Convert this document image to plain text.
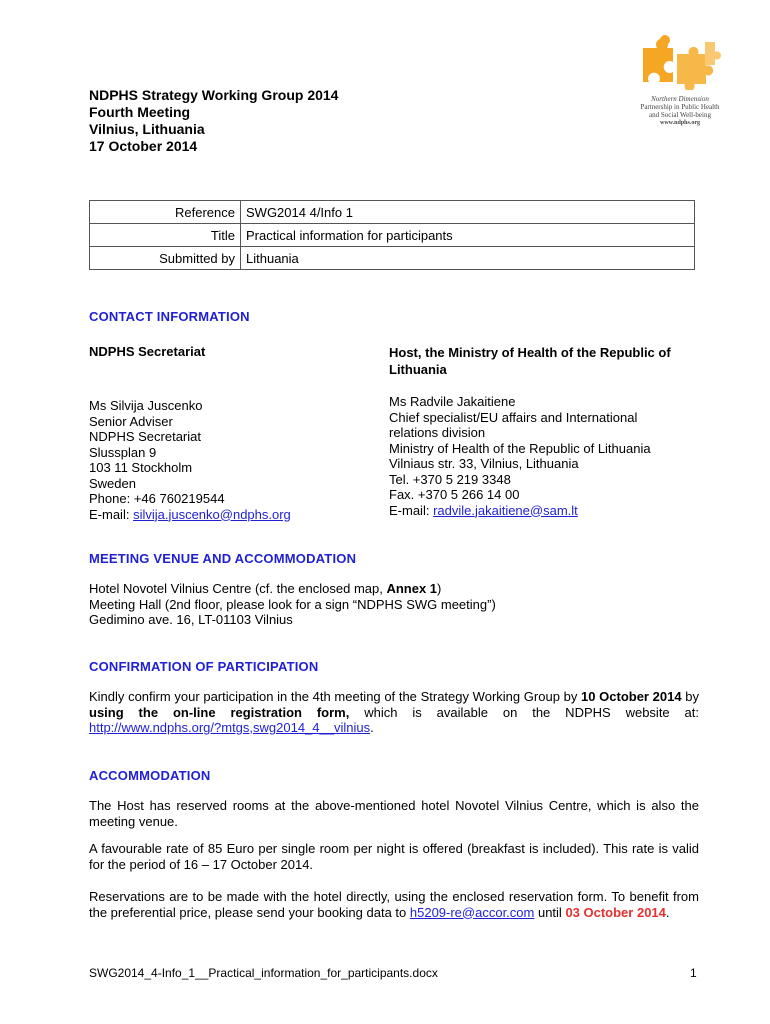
NDPHS Strategy Working Group 2014
Fourth Meeting
Vilnius, Lithuania
17 October 2014
Northern Dimension
Partnership in Public Health
and Social Well-being
www.ndphs.org
Reference	SWG2014 4/Info 1
Title	Practical information for participants
Submitted by	Lithuania
CONTACT INFORMATION
NDPHS Secretariat
Ms Silvija Juscenko
Senior Adviser
NDPHS Secretariat
Slussplan 9
103 11 Stockholm
Sweden
Phone: +46 760219544
E-mail: silvija.juscenko@ndphs.org
Host, the Ministry of Health of the Republic of
Lithuania
Ms Radvile Jakaitiene
Chief specialist/EU affairs and International
relations division
Ministry of Health of the Republic of Lithuania
Vilniaus str. 33, Vilnius, Lithuania
Tel. +370 5 219 3348
Fax. +370 5 266 14 00
E-mail: radvile.jakaitiene@sam.lt
MEETING VENUE AND ACCOMMODATION
Hotel Novotel Vilnius Centre (cf. the enclosed map, Annex 1)
Meeting Hall (2nd floor, please look for a sign “NDPHS SWG meeting”)
Gedimino ave. 16, LT-01103 Vilnius
CONFIRMATION OF PARTICIPATION
Kindly confirm your participation in the 4th meeting of the Strategy Working Group by 10 October 2014 by using the on-line registration form, which is available on the NDPHS website at: http://www.ndphs.org/?mtgs,swg2014_4__vilnius.
ACCOMMODATION
The Host has reserved rooms at the above-mentioned hotel Novotel Vilnius Centre, which is also the meeting venue.
A favourable rate of 85 Euro per single room per night is offered (breakfast is included). This rate is valid for the period of 16 – 17 October 2014.
Reservations are to be made with the hotel directly, using the enclosed reservation form. To benefit from the preferential price, please send your booking data to h5209-re@accor.com until 03 October 2014.
SWG2014_4-Info_1__Practical_information_for_participants.docx	1
